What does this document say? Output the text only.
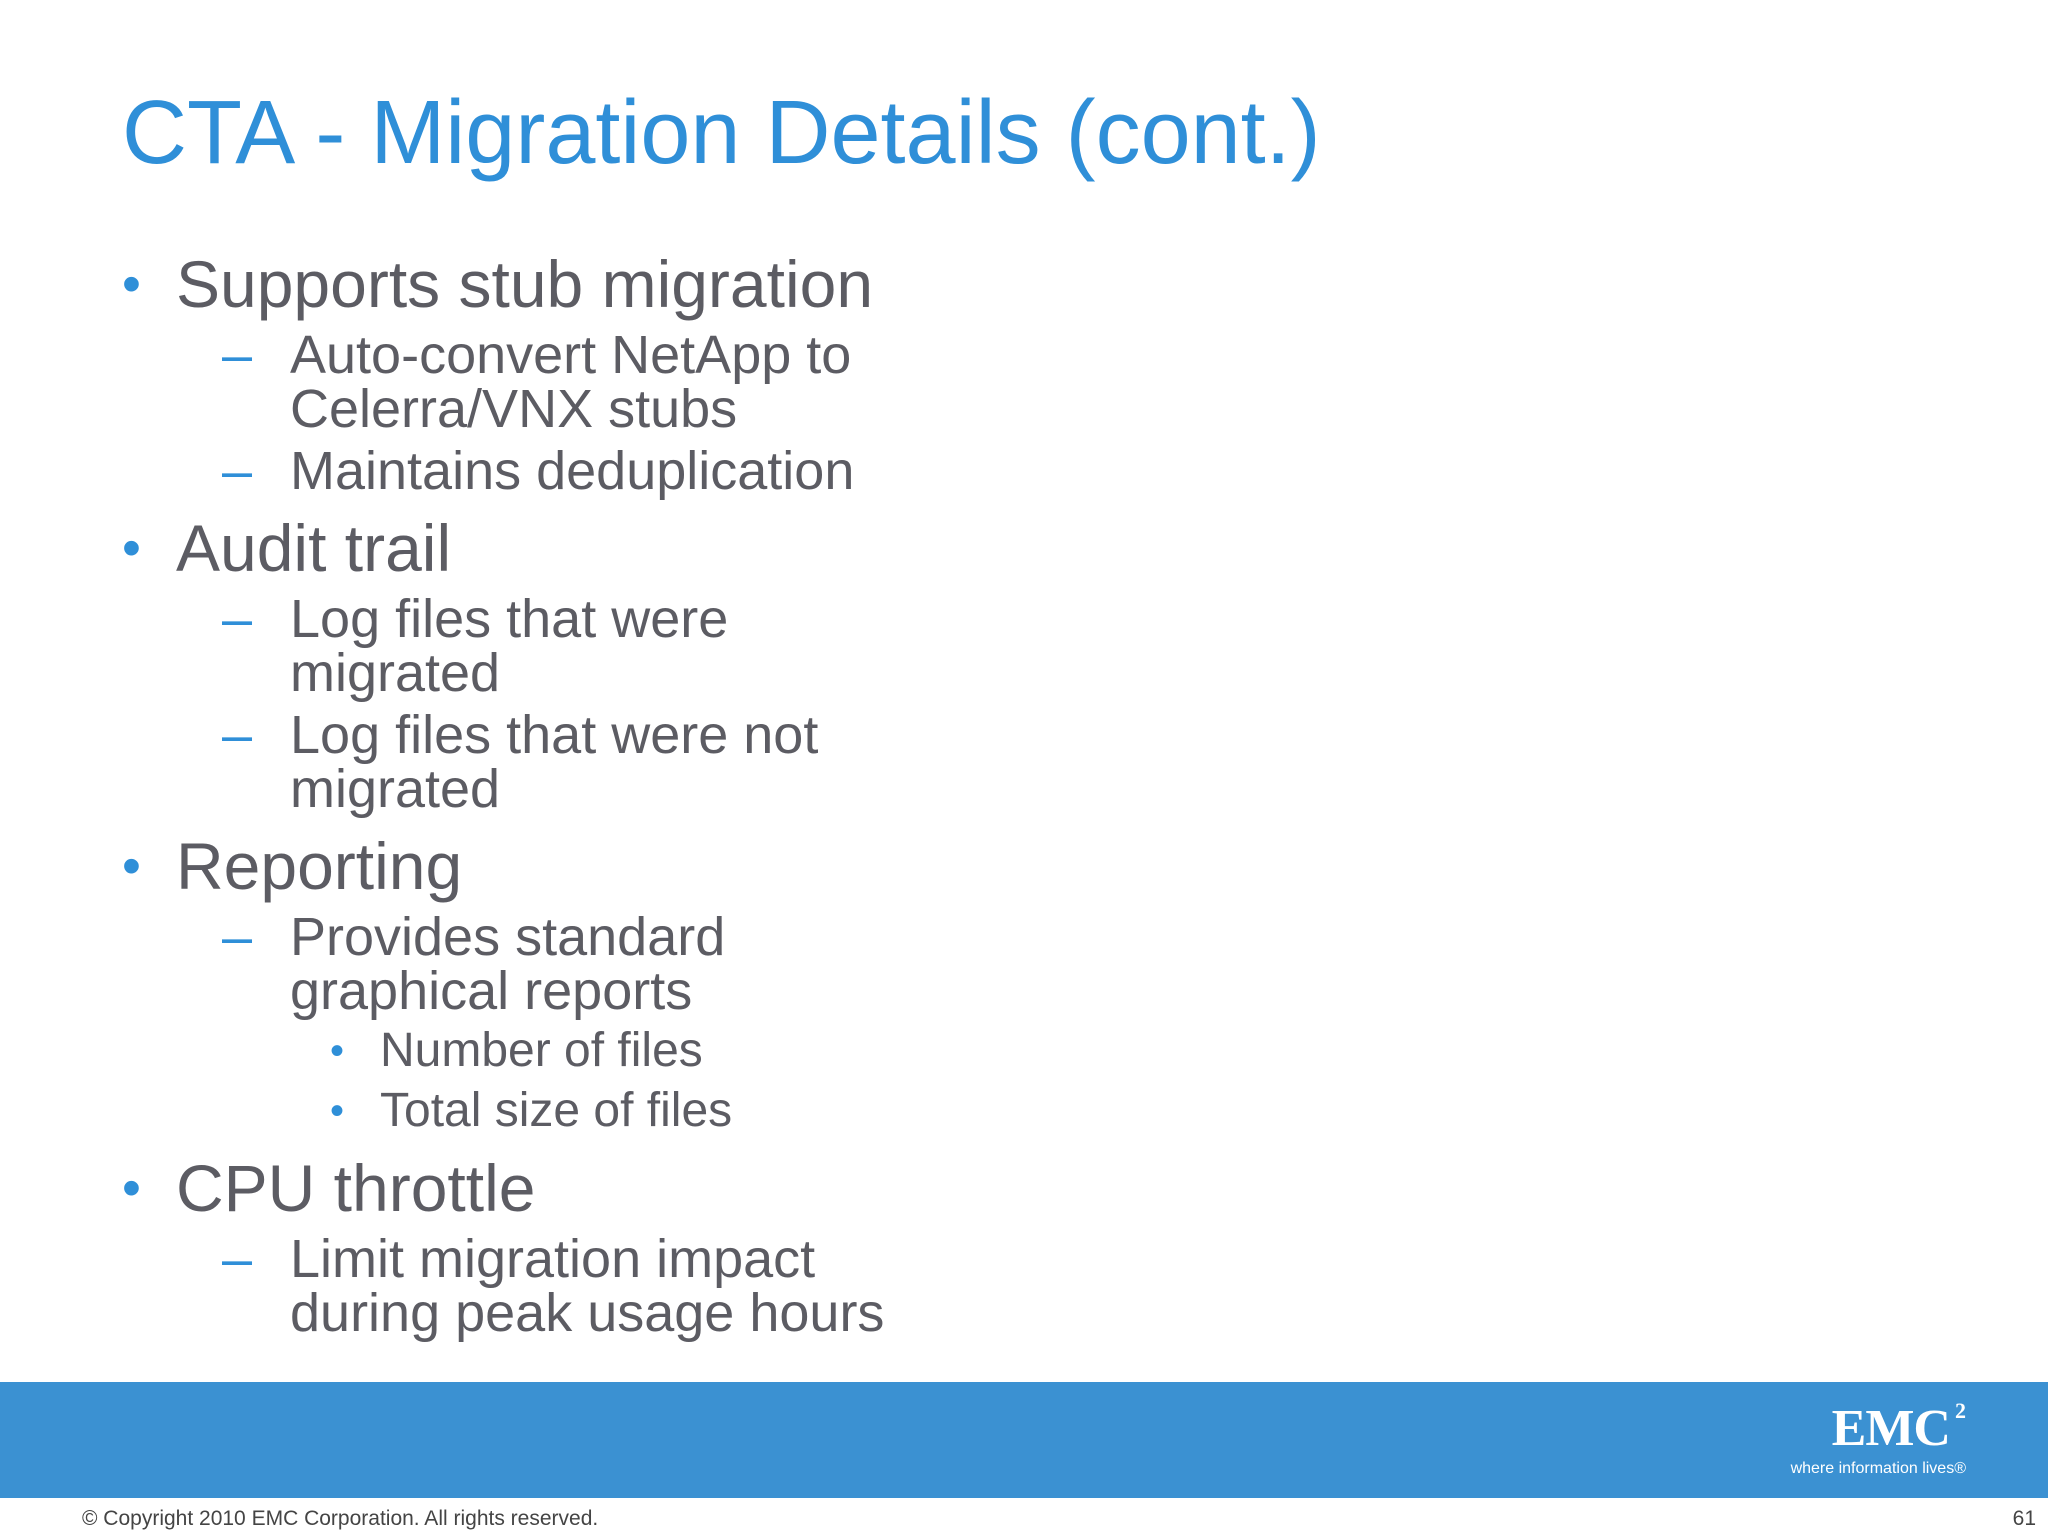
CTA - Migration Details (cont.)
• Supports stub migration
– Auto-convert NetApp to
Celerra/VNX stubs
– Maintains deduplication
• Audit trail
– Log files that were
migrated
– Log files that were not
migrated
• Reporting
– Provides standard
graphical reports
• Number of files
• Total size of files
• CPU throttle
– Limit migration impact
during peak usage hours
EMC 2
where information lives®
© Copyright 2010 EMC Corporation. All rights reserved.	61
